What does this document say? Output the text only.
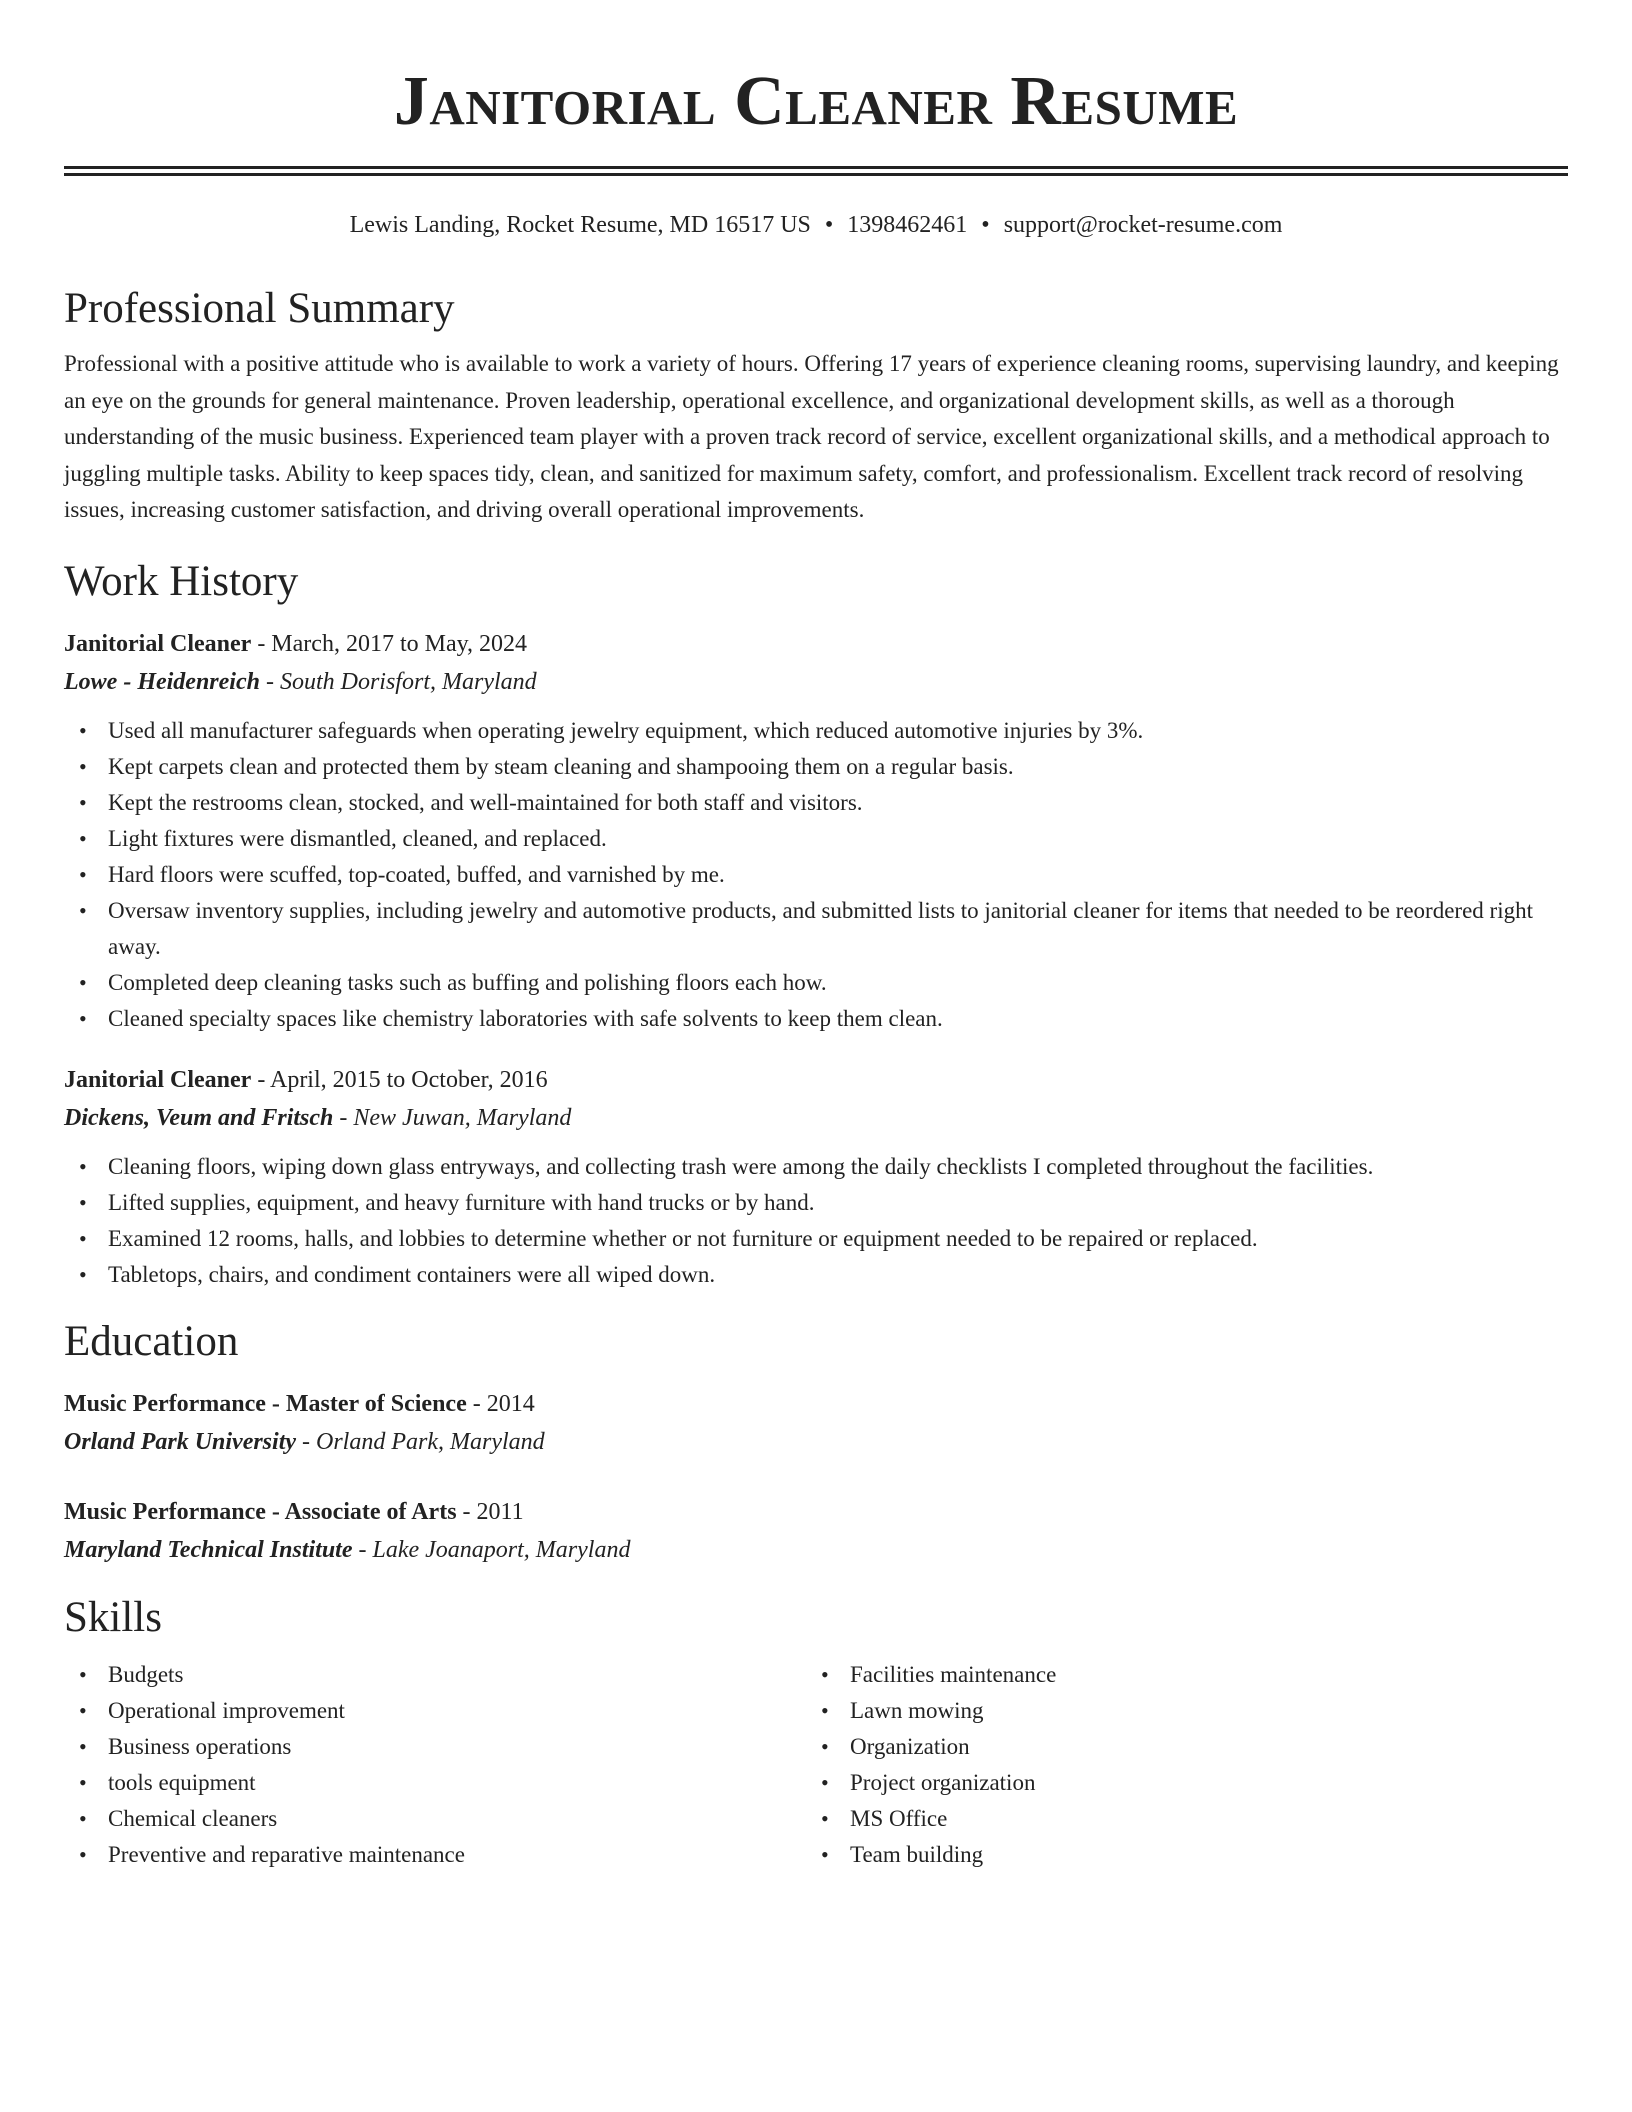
Janitorial Cleaner Resume
Lewis Landing, Rocket Resume, MD 16517 US • 1398462461 • support@rocket-resume.com
Professional Summary

Professional with a positive attitude who is available to work a variety of hours. Offering 17 years of experience cleaning rooms, supervising laundry, and keeping an eye on the grounds for general maintenance. Proven leadership, operational excellence, and organizational development skills, as well as a thorough understanding of the music business. Experienced team player with a proven track record of service, excellent organizational skills, and a methodical approach to juggling multiple tasks. Ability to keep spaces tidy, clean, and sanitized for maximum safety, comfort, and professionalism. Excellent track record of resolving issues, increasing customer satisfaction, and driving overall operational improvements.

Work History
Janitorial Cleaner - March, 2017 to May, 2024
Lowe - Heidenreich - South Dorisfort, Maryland
• Used all manufacturer safeguards when operating jewelry equipment, which reduced automotive injuries by 3%.
• Kept carpets clean and protected them by steam cleaning and shampooing them on a regular basis.
• Kept the restrooms clean, stocked, and well-maintained for both staff and visitors.
• Light fixtures were dismantled, cleaned, and replaced.
• Hard floors were scuffed, top-coated, buffed, and varnished by me.
• Oversaw inventory supplies, including jewelry and automotive products, and submitted lists to janitorial cleaner for items that needed to be reordered right away.
• Completed deep cleaning tasks such as buffing and polishing floors each how.
• Cleaned specialty spaces like chemistry laboratories with safe solvents to keep them clean.
Janitorial Cleaner - April, 2015 to October, 2016
Dickens, Veum and Fritsch - New Juwan, Maryland
• Cleaning floors, wiping down glass entryways, and collecting trash were among the daily checklists I completed throughout the facilities.
• Lifted supplies, equipment, and heavy furniture with hand trucks or by hand.
• Examined 12 rooms, halls, and lobbies to determine whether or not furniture or equipment needed to be repaired or replaced.
• Tabletops, chairs, and condiment containers were all wiped down.
Education
Music Performance - Master of Science - 2014
Orland Park University - Orland Park, Maryland
Music Performance - Associate of Arts - 2011
Maryland Technical Institute - Lake Joanaport, Maryland
Skills
• Budgets
• Operational improvement
• Business operations
• tools equipment
• Chemical cleaners
• Preventive and reparative maintenance
• Facilities maintenance
• Lawn mowing
• Organization
• Project organization
• MS Office
• Team building
